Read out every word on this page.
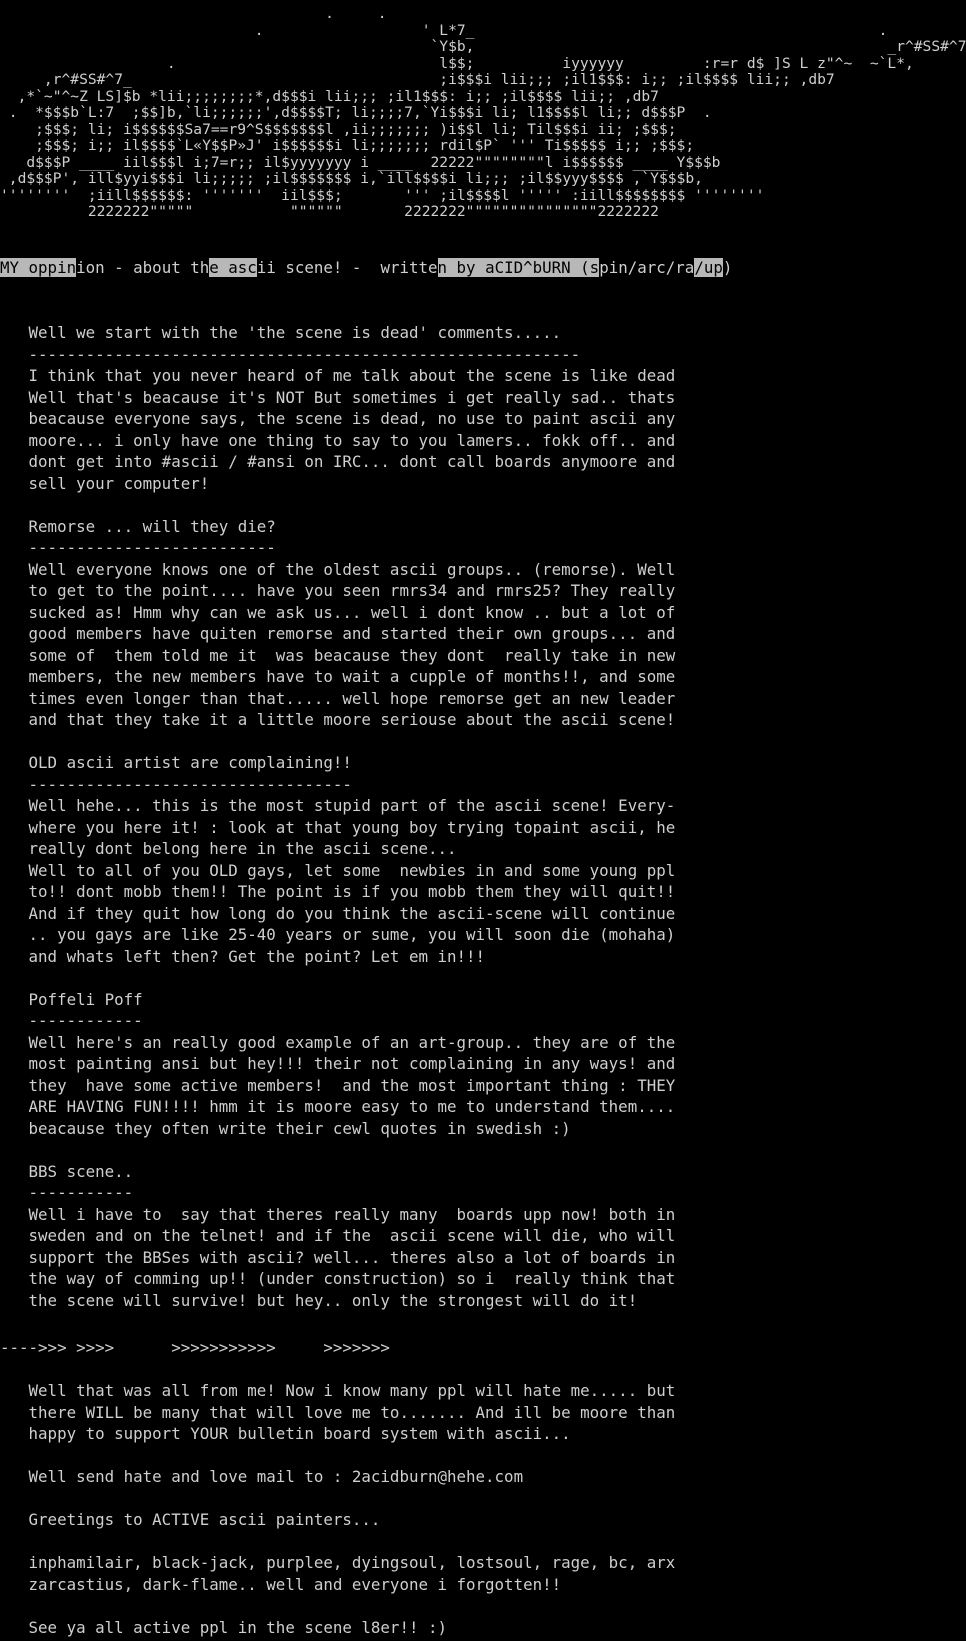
.     .
.                  ' L*7_                                              .
`Y$b,                                               _r^#SS#^7
.                              l$$;          iyyyyyy         :r=r d$ ]S L z"^~  ~`L*,
,r^#SS#^7_                                   ;i$$$i lii;;; ;il1$$$: i;; ;il$$$$ lii;; ,db7
,*`~"^~Z LS]$b *lii;;;;;;;;*,d$$$i lii;;; ;il1$$$: i;; ;il$$$$ lii;; ,db7
.  *$$$b`L:7  ;$$]b,`li;;;;;;',d$$$$T; li;;;;7,`Yi$$$i li; l1$$$$l li;; d$$$P  .
;$$$; li; i$$$$$$Sa7==r9^S$$$$$$$l ,ii;;;;;;; )i$$l li; Til$$$i ii; ;$$$;
;$$$; i;; il$$$$`L«Y$$P»J' i$$$$$$i li;;;;;;; rdil$P` ''' Ti$$$$$ i;; ;$$$;
d$$$P ____ iil$$$l i;7=r;; il$yyyyyyy i ____  22222""""""""l i$$$$$$ ____ Y$$$b
,d$$$P', ill$yyi$$$i li;;;;; ;il$$$$$$$ i,`ill$$$$i li;;; ;il$$yyy$$$$ ,`Y$$$b,
''''''''  ;iill$$$$$$: '''''''  iil$$$;       ''' ;il$$$$l ''''' :iill$$$$$$$$ ''''''''
2222222"""""           """"""       2222222"""""""""""""""2222222
MY oppinion - about the ascii scene! -  written by aCID^bURN (spin/arc/ra/up)
Well we start with the 'the scene is dead' comments.....
----------------------------------------------------------
I think that you never heard of me talk about the scene is like dead
Well that's beacause it's NOT But sometimes i get really sad.. thats
beacause everyone says, the scene is dead, no use to paint ascii any
moore... i only have one thing to say to you lamers.. fokk off.. and
dont get into #ascii / #ansi on IRC... dont call boards anymoore and
sell your computer!

Remorse ... will they die?
--------------------------
Well everyone knows one of the oldest ascii groups.. (remorse). Well
to get to the point.... have you seen rmrs34 and rmrs25? They really
sucked as! Hmm why can we ask us... well i dont know .. but a lot of
good members have quiten remorse and started their own groups... and
some of  them told me it  was beacause they dont  really take in new
members, the new members have to wait a cupple of months!!, and some
times even longer than that..... well hope remorse get an new leader
and that they take it a little moore seriouse about the ascii scene!

OLD ascii artist are complaining!!
----------------------------------
Well hehe... this is the most stupid part of the ascii scene! Every-
where you here it! : look at that young boy trying topaint ascii, he
really dont belong here in the ascii scene...
Well to all of you OLD gays, let some  newbies in and some young ppl
to!! dont mobb them!! The point is if you mobb them they will quit!!
And if they quit how long do you think the ascii-scene will continue
.. you gays are like 25-40 years or sume, you will soon die (mohaha)
and whats left then? Get the point? Let em in!!!

Poffeli Poff
------------
Well here's an really good example of an art-group.. they are of the
most painting ansi but hey!!! their not complaining in any ways! and
they  have some active members!  and the most important thing : THEY
ARE HAVING FUN!!!! hmm it is moore easy to me to understand them....
beacause they often write their cewl quotes in swedish :)

BBS scene..
-----------
Well i have to  say that theres really many  boards upp now! both in
sweden and on the telnet! and if the  ascii scene will die, who will
support the BBSes with ascii? well... theres also a lot of boards in
the way of comming up!! (under construction) so i  really think that
the scene will survive! but hey.. only the strongest will do it!
---->>> >>>>      >>>>>>>>>>>     >>>>>>>
Well that was all from me! Now i know many ppl will hate me..... but
there WILL be many that will love me to....... And ill be moore than
happy to support YOUR bulletin board system with ascii...

Well send hate and love mail to : 2acidburn@hehe.com

Greetings to ACTIVE ascii painters...

inphamilair, black-jack, purplee, dyingsoul, lostsoul, rage, bc, arx
zarcastius, dark-flame.. well and everyone i forgotten!!

See ya all active ppl in the scene l8er!! :)
